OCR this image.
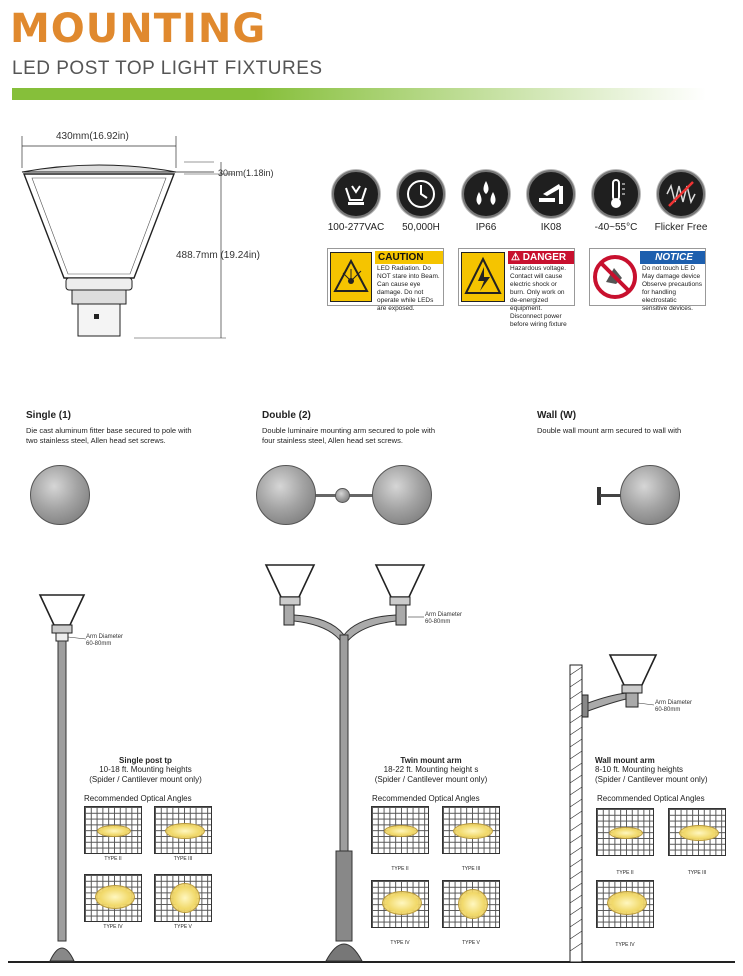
MOUNTING
LED POST TOP LIGHT FIXTURES
430mm(16.92in)
30mm(1.18in)
488.7mm (19.24in)
100-277VAC	50,000H	IP66	IK08	-40~55°C	Flicker Free
CAUTION
LED Radiation. Do NOT stare into Beam. Can cause eye damage. Do not operate while LEDs are exposed.
⚠ DANGER
Hazardous voltage. Contact will cause electric shock or burn. Only work on de-energized equipment. Disconnect power before wiring fixture
NOTICE
Do not touch LE D May damage device Observe precautions for handling electrostatic sensitive devices.
Single (1)
Die cast aluminum fitter base secured to pole with two stainless steel, Allen head set screws.
Double (2)
Double luminaire mounting arm secured to pole with four stainless steel, Allen head set screws.
Wall (W)
Double wall mount arm secured to wall with
Arm Diameter
60-80mm
Arm Diameter
60-80mm
Arm Diameter
60-80mm
Single post tp
10-18 ft. Mounting heights
(Spider / Cantilever mount only)
Twin mount arm
18-22 ft. Mounting height s
(Spider / Cantilever mount only)
Wall mount arm
8-10 ft. Mounting heights
(Spider / Cantilever mount only)
Recommended Optical Angles
TYPE II	TYPE III
TYPE IV	TYPE V
Recommended Optical Angles
TYPE II	TYPE III
TYPE IV	TYPE V
Recommended Optical Angles
TYPE II	TYPE III
TYPE IV
